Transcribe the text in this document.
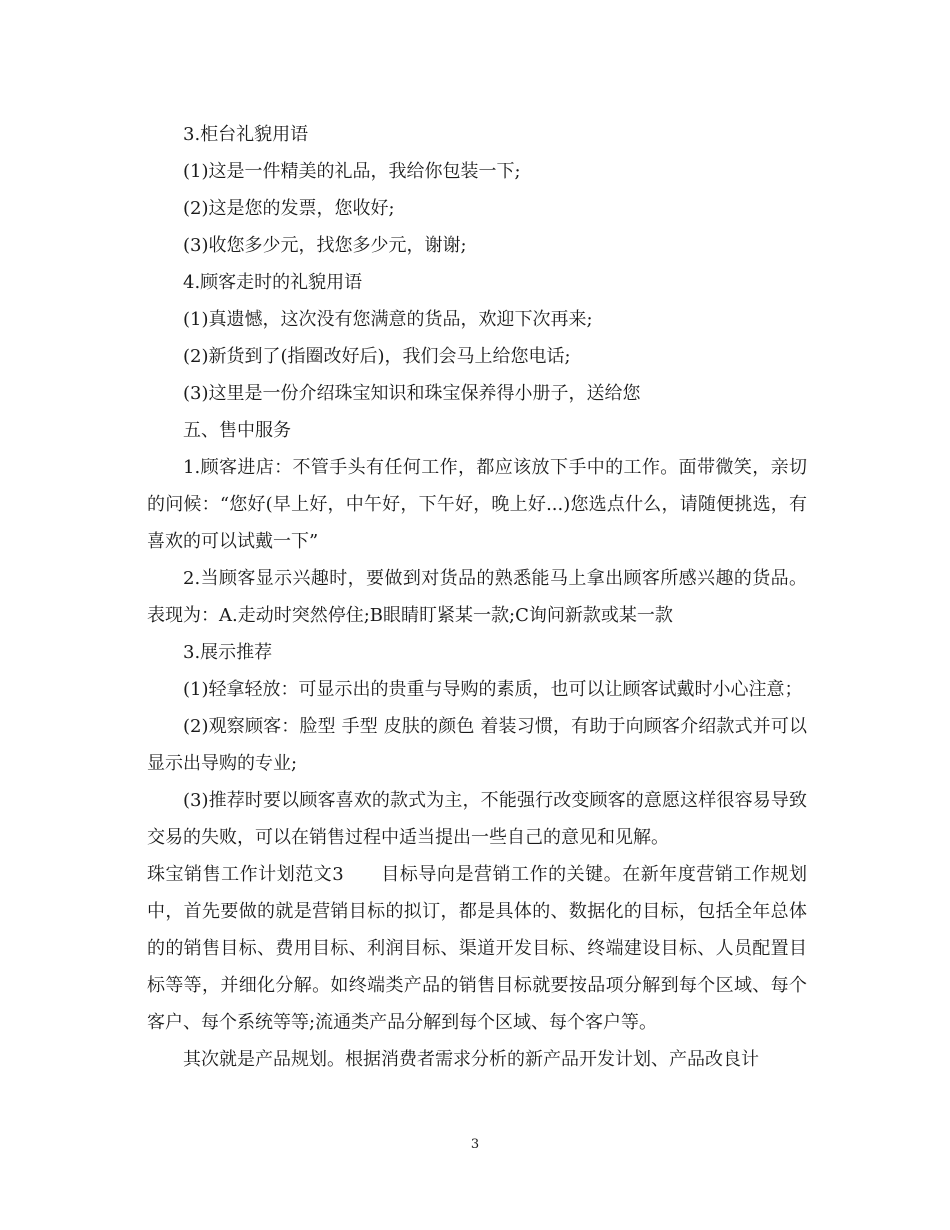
3.柜台礼貌用语
(1)这是一件精美的礼品，我给你包装一下;
(2)这是您的发票，您收好;
(3)收您多少元，找您多少元，谢谢;
4.顾客走时的礼貌用语
(1)真遗憾，这次没有您满意的货品，欢迎下次再来;
(2)新货到了(指圈改好后)，我们会马上给您电话;
(3)这里是一份介绍珠宝知识和珠宝保养得小册子，送给您
五、售中服务

1.顾客进店：不管手头有任何工作，都应该放下手中的工作。面带微笑，亲切的问候：“您好(早上好，中午好，下午好，晚上好...)您选点什么，请随便挑选，有喜欢的可以试戴一下”

2.当顾客显示兴趣时，要做到对货品的熟悉能马上拿出顾客所感兴趣的货品。表现为：A.走动时突然停住;B眼睛盯紧某一款;C询问新款或某一款

3.展示推荐

(1)轻拿轻放：可显示出的贵重与导购的素质，也可以让顾客试戴时小心注意；

(2)观察顾客：脸型 手型 皮肤的颜色 着装习惯，有助于向顾客介绍款式并可以显示出导购的专业;

(3)推荐时要以顾客喜欢的款式为主，不能强行改变顾客的意愿这样很容易导致交易的失败，可以在销售过程中适当提出一些自己的意见和见解。

珠宝销售工作计划范文3　　目标导向是营销工作的关键。在新年度营销工作规划中，首先要做的就是营销目标的拟订，都是具体的、数据化的目标，包括全年总体的的销售目标、费用目标、利润目标、渠道开发目标、终端建设目标、人员配置目标等等，并细化分解。如终端类产品的销售目标就要按品项分解到每个区域、每个客户、每个系统等等;流通类产品分解到每个区域、每个客户等。

其次就是产品规划。根据消费者需求分析的新产品开发计划、产品改良计

3
